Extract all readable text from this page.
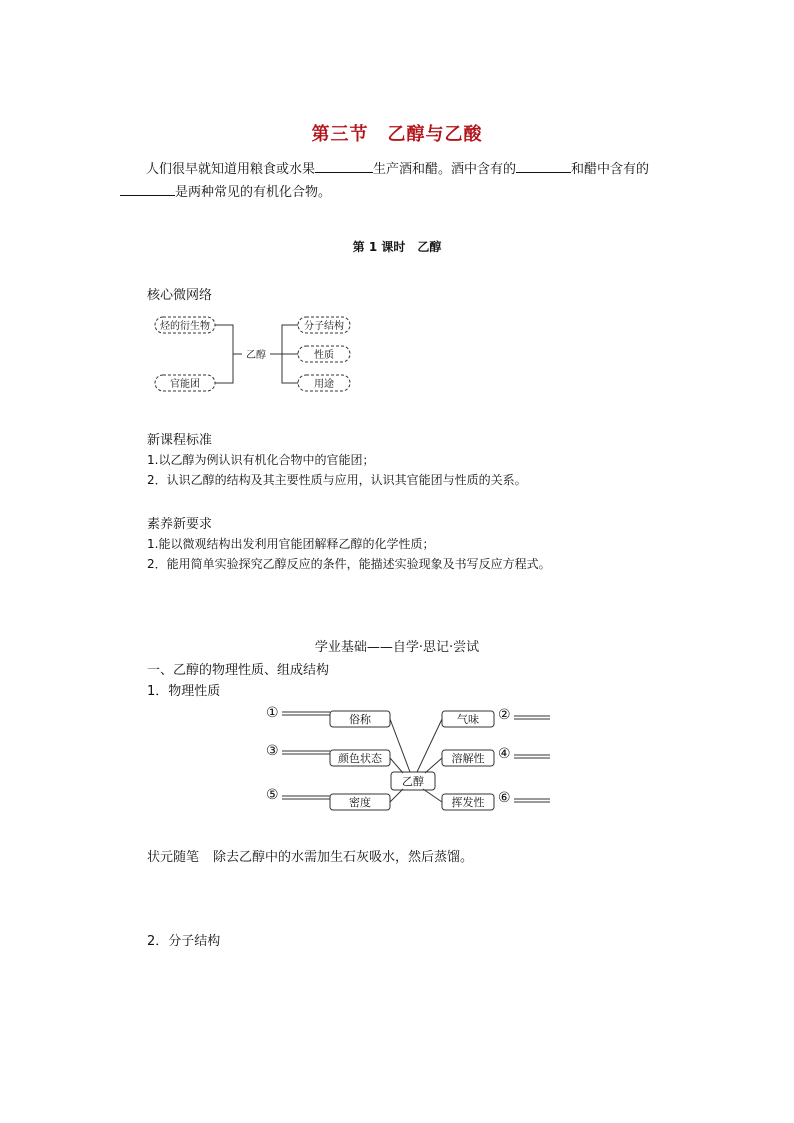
第三节　乙醇与乙酸
人们很早就知道用粮食或水果	生产酒和醋。酒中含有的	和醋中含有的
是两种常见的有机化合物。
第 1 课时　乙醇
核心微网络
烃的衍生物
官能团
乙醇
分子结构
性质
用途
新课程标准
1.以乙醇为例认识有机化合物中的官能团；
2．认识乙醇的结构及其主要性质与应用，认识其官能团与性质的关系。
素养新要求
1.能以微观结构出发利用官能团解释乙醇的化学性质；
2．能用简单实验探究乙醇反应的条件，能描述实验现象及书写反应方程式。
学业基础——自学·思记·尝试
一、乙醇的物理性质、组成结构
1．物理性质
①
③
⑤
②
④
⑥
俗称
颜色状态
密度
气味
溶解性
挥发性
乙醇
状元随笔 除去乙醇中的水需加生石灰吸水，然后蒸馏。
2．分子结构
